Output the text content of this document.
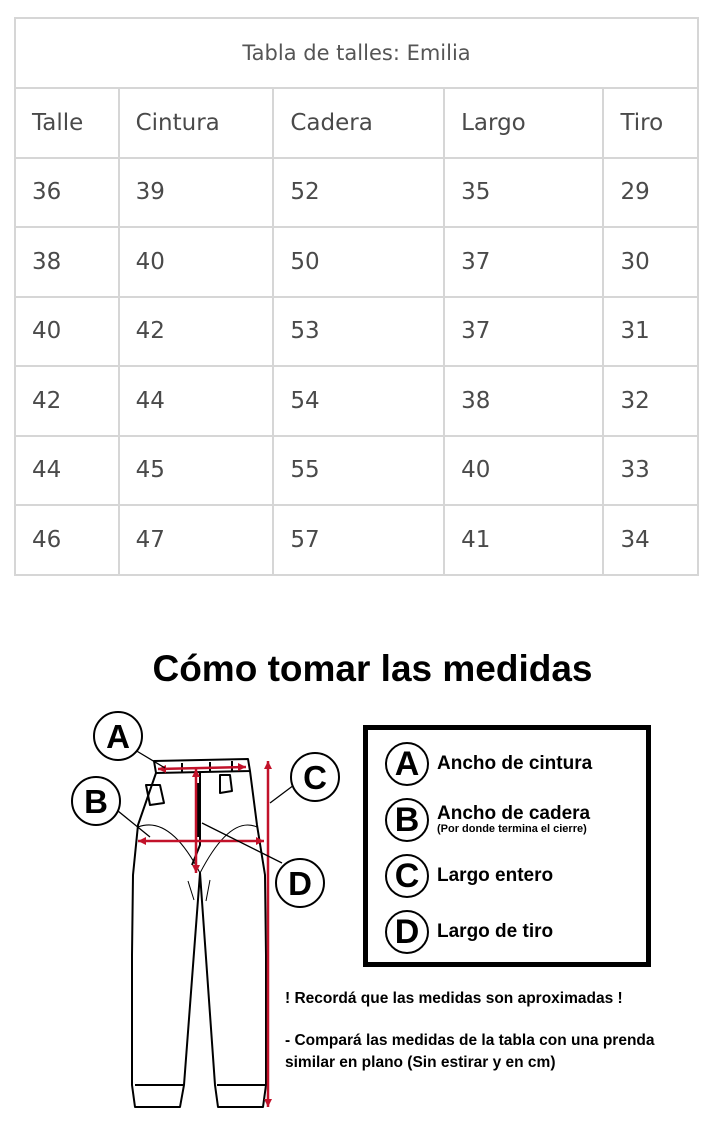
Tabla de talles: Emilia				
Talle	Cintura	Cadera	Largo	Tiro
36	39	52	35	29
38	40	50	37	30
40	42	53	37	31
42	44	54	38	32
44	45	55	40	33
46	47	57	41	34
Cómo tomar las medidas
A
B
C
D
A Ancho de cintura
B Ancho de cadera
(Por donde termina el cierre)
C Largo entero
D Largo de tiro

! Recordá que las medidas son aproximadas !

- Compará las medidas de la tabla con una prenda similar en plano (Sin estirar y en cm)
